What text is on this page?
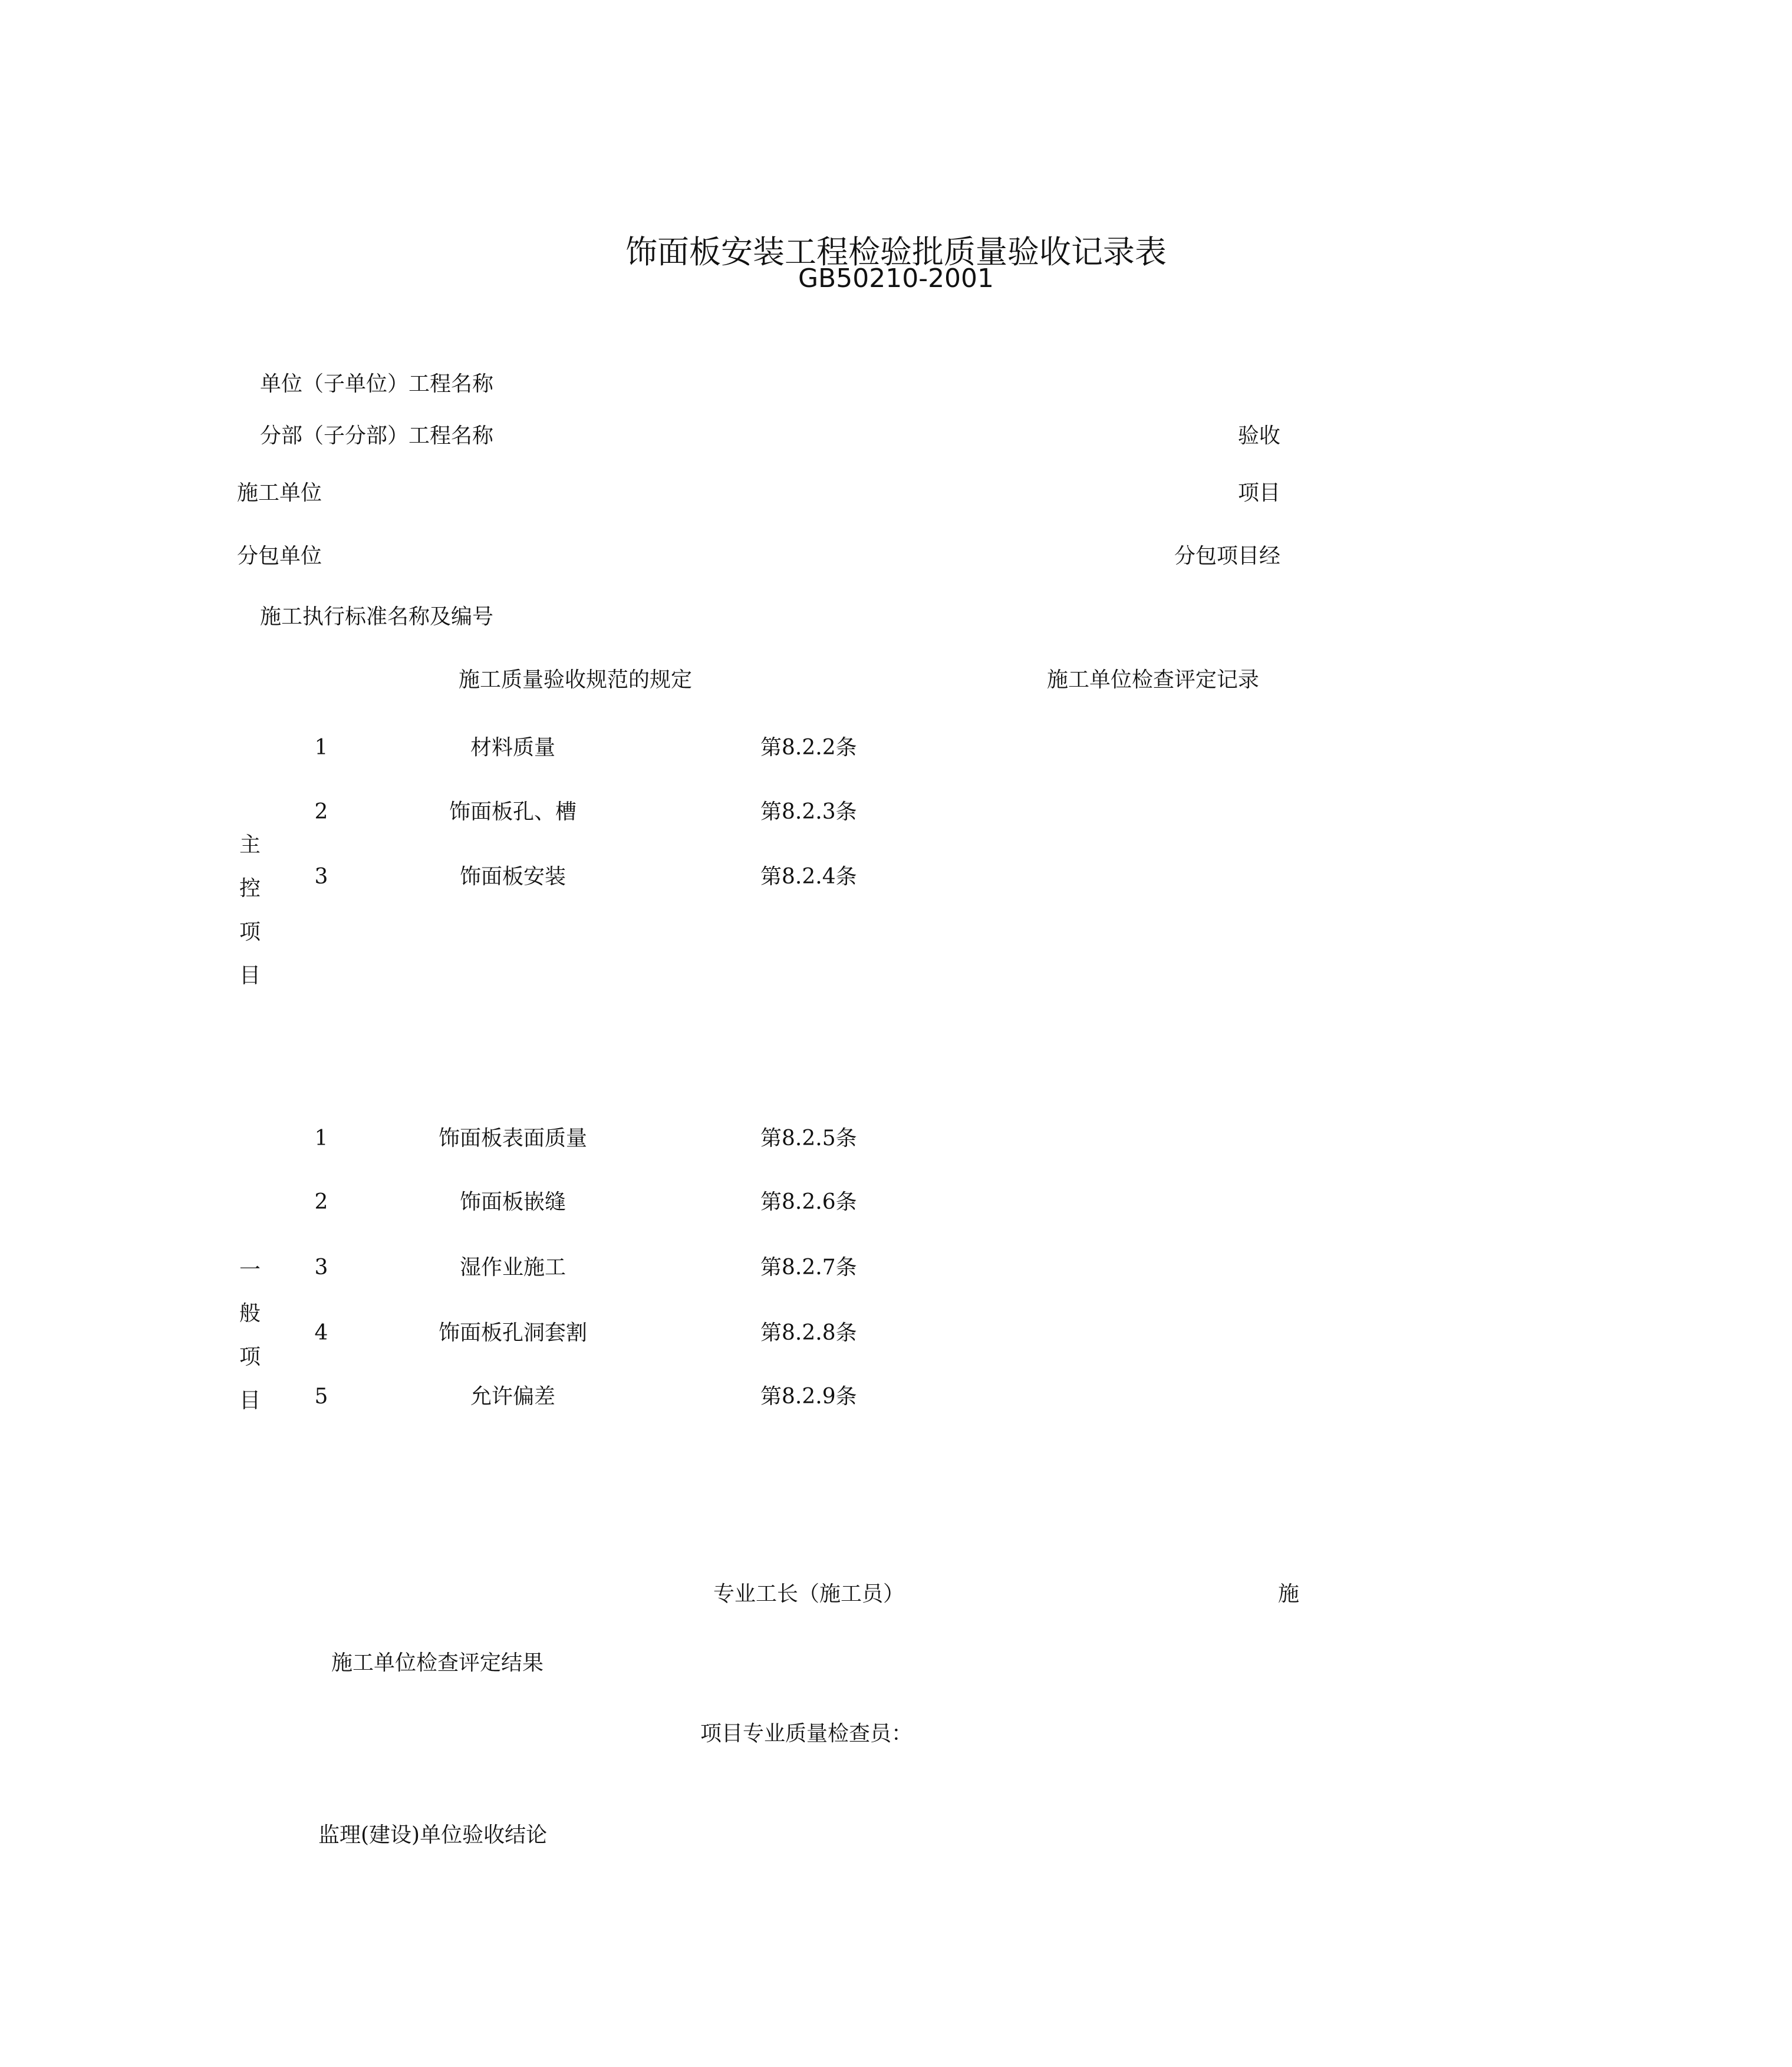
饰面板安装工程检验批质量验收记录表
GB50210-2001
单位（子单位）工程名称
分部（子分部）工程名称	验收
施工单位	项目
分包单位	分包项目经
施工执行标准名称及编号
施工质量验收规范的规定	施工单位检查评定记录
主
控
项
目
1	材料质量	第8.2.2条
2	饰面板孔、槽	第8.2.3条
3	饰面板安装	第8.2.4条
一
般
项
目
1	饰面板表面质量	第8.2.5条
2	饰面板嵌缝	第8.2.6条
3	湿作业施工	第8.2.7条
4	饰面板孔洞套割	第8.2.8条
5	允许偏差	第8.2.9条
专业工长（施工员）	施
施工单位检查评定结果
项目专业质量检查员：
监理(建设)单位验收结论
